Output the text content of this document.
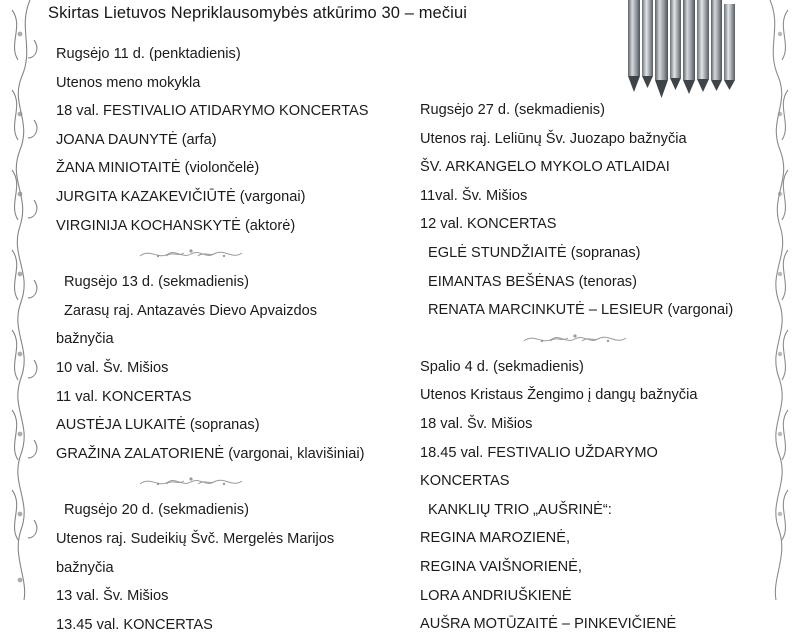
Skirtas Lietuvos Nepriklausomybės atkūrimo 30 – mečiui
Rugsėjo 11 d. (penktadienis)
Utenos meno mokykla
18 val. FESTIVALIO ATIDARYMO KONCERTAS
JOANA DAUNYTĖ (arfa)
ŽANA MINIOTAITĖ (violončelė)
JURGITA KAZAKEVIČIŪTĖ (vargonai)
VIRGINIJA KOCHANSKYTĖ (aktorė)
Rugsėjo 13 d. (sekmadienis)
Zarasų raj. Antazavės Dievo Apvaizdos
bažnyčia
10 val. Šv. Mišios
11 val. KONCERTAS
AUSTĖJA LUKAITĖ (sopranas)
GRAŽINA ZALATORIENĖ (vargonai, klavišiniai)
Rugsėjo 20 d. (sekmadienis)
Utenos raj. Sudeikių Švč. Mergelės Marijos
bažnyčia
13 val. Šv. Mišios
13.45 val. KONCERTAS
Rugsėjo 27 d. (sekmadienis)
Utenos raj. Leliūnų Šv. Juozapo bažnyčia
ŠV. ARKANGELO MYKOLO ATLAIDAI
11val. Šv. Mišios
12 val. KONCERTAS
EGLĖ STUNDŽIAITĖ (sopranas)
EIMANTAS BEŠĖNAS (tenoras)
RENATA MARCINKUTĖ – LESIEUR (vargonai)
Spalio 4 d. (sekmadienis)
Utenos Kristaus Žengimo į dangų bažnyčia
18 val. Šv. Mišios
18.45 val. FESTIVALIO UŽDARYMO
KONCERTAS
KANKLIŲ TRIO „AUŠRINĖ“:
REGINA MAROZIENĖ,
REGINA VAIŠNORIENĖ,
LORA ANDRIUŠKIENĖ
AUŠRA MOTŪZAITĖ – PINKEVIČIENĖ
